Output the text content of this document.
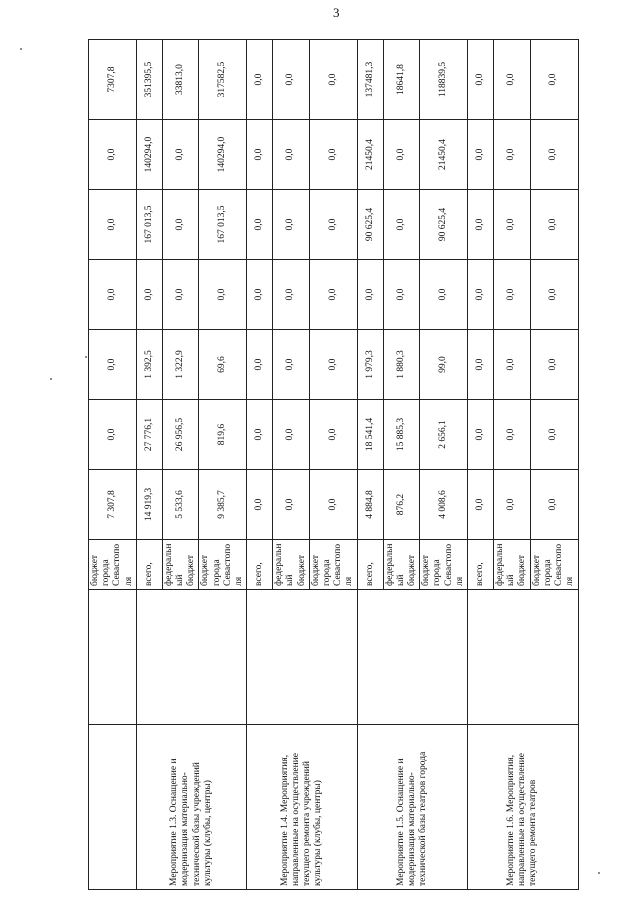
3
		бюджет города Севастополя	7 307,8	0,0	0,0	0,0	0,0	0,0	7307,8
Мероприятие 1.3. Оснащение и модернизация материально-технической базы учреждений культуры (клубы, центры)		всего,	14 919,3	27 776,1	1 392,5	0,0	167 013,5	140294,0	351395,5
		федеральный бюджет	5 533,6	26 956,5	1 322,9	0,0	0,0	0,0	33813,0
		бюджет города Севастополя	9 385,7	819,6	69,6	0,0	167 013,5	140294,0	317582,5
Мероприятие 1.4. Мероприятия, направленные на осуществление текущего ремонта учреждений культуры (клубы, центры)		всего,	0,0	0,0	0,0	0,0	0,0	0,0	0,0
		федеральный бюджет	0,0	0,0	0,0	0,0	0,0	0,0	0,0
		бюджет города Севастополя	0,0	0,0	0,0	0,0	0,0	0,0	0,0
Мероприятие 1.5. Оснащение и модернизация материально-технической базы театров города		всего,	4 884,8	18 541,4	1 979,3	0,0	90 625,4	21450,4	137481,3
		федеральный бюджет	876,2	15 885,3	1 880,3	0,0	0,0	0,0	18641,8
		бюджет города Севастополя	4 008,6	2 656,1	99,0	0,0	90 625,4	21450,4	118839,5
Мероприятие 1.6. Мероприятия, направленные на осуществление текущего ремонта театров		всего,	0,0	0,0	0,0	0,0	0,0	0,0	0,0
		федеральный бюджет	0,0	0,0	0,0	0,0	0,0	0,0	0,0
		бюджет города Севастополя	0,0	0,0	0,0	0,0	0,0	0,0	0,0
